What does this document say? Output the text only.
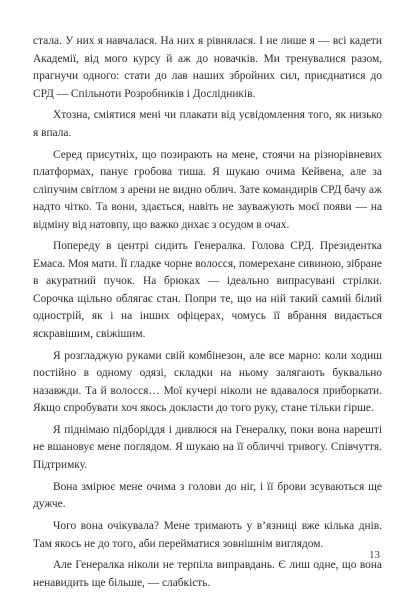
стала. У них я навчалася. На них я рівнялася. І не лише я — всі кадети Академії, від мого курсу й аж до новачків. Ми тренувалися разом, прагнучи одного: стати до лав наших збройних сил, приєднатися до СРД — Спільноти Розробників і Дослідників.

Хтозна, сміятися мені чи плакати від усвідомлення того, як низько я впала.

Серед присутніх, що позирають на мене, стоячи на різнорівневих платформах, панує гробова тиша. Я шукаю очима Кейвена, але за сліпучим світлом з арени не видно облич. Зате командирів СРД бачу аж надто чітко. Та вони, здається, навіть не зауважують моєї появи — на відміну від натовпу, що важко дихає з осудом в очах.

Попереду в центрі сидить Генералка. Голова СРД. Президентка Емаса. Моя мати. Її гладке чорне волосся, померехане сивиною, зібране в акуратний пучок. На брюках — ідеально випрасувані стрілки. Сорочка щільно облягає стан. Попри те, що на ній такий самий білий однострій, як і на інших офіцерах, чомусь її вбрання видається яскравішим, свіжішим.

Я розгладжую руками свій комбінезон, але все марно: коли ходиш постійно в одному одязі, складки на ньому залягають буквально назавжди. Та й волосся… Мої кучері ніколи не вдавалося приборкати. Якщо спробувати хоч якось докласти до того руку, стане тільки гірше.

Я піднімаю підборіддя і дивлюся на Генералку, поки вона нарешті не вшановує мене поглядом. Я шукаю на її обличчі тривогу. Співчуття. Підтримку.

Вона змірює мене очима з голови до ніг, і її брови зсуваються ще дужче.

Чого вона очікувала? Мене тримають у в’язниці вже кілька днів. Там якось не до того, аби перейматися зовнішнім виглядом.

Але Генералка ніколи не терпіла виправдань. Є лиш одне, що вона ненавидить ще більше, — слабкість.

13
